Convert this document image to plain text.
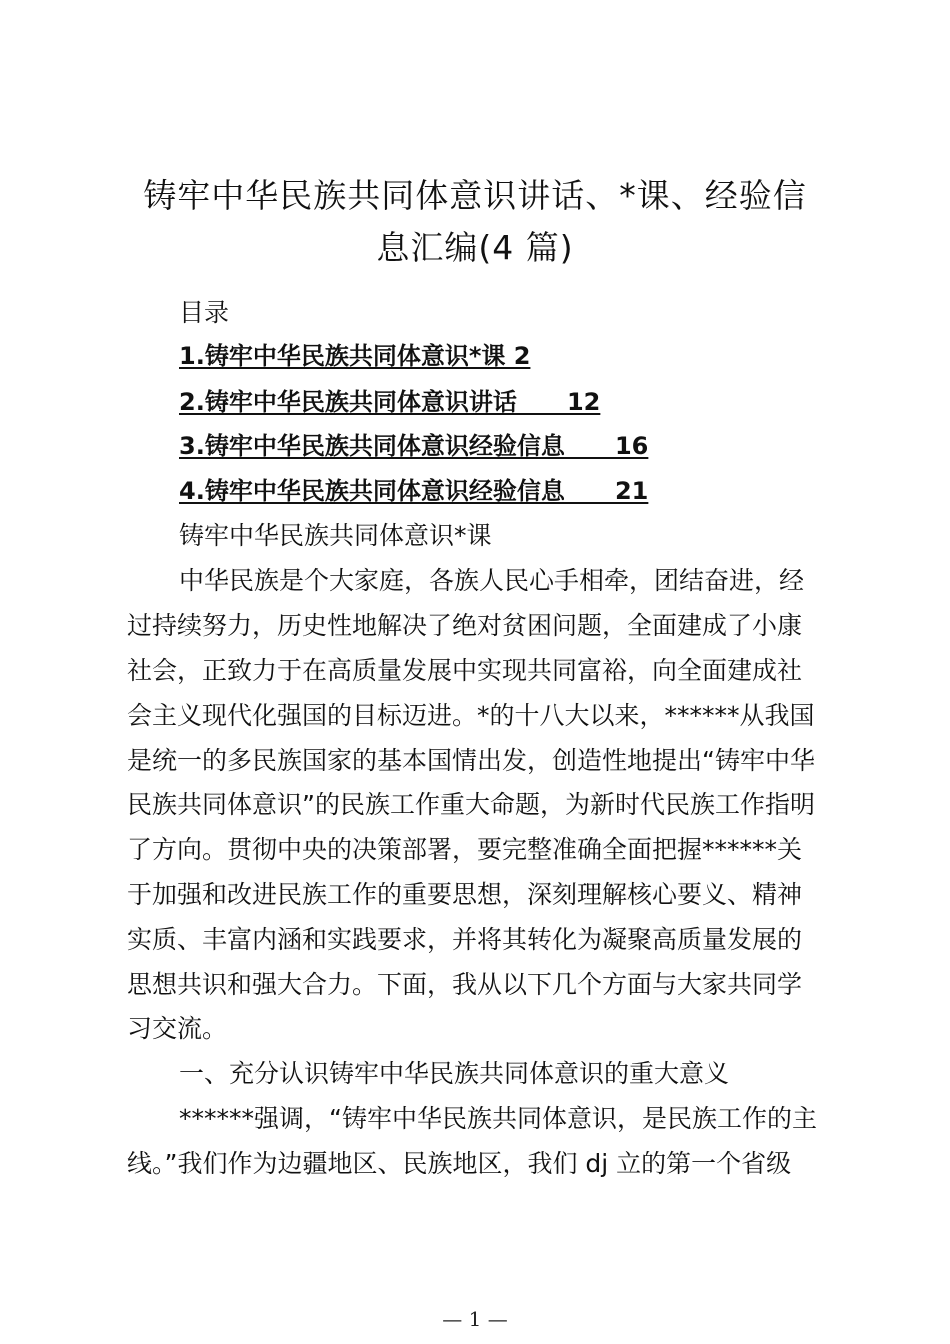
铸牢中华民族共同体意识讲话、*课、经验信
息汇编(4 篇)
目录
1.铸牢中华民族共同体意识*课 2
2.铸牢中华民族共同体意识讲话      12
3.铸牢中华民族共同体意识经验信息      16
4.铸牢中华民族共同体意识经验信息      21
铸牢中华民族共同体意识*课
中华民族是个大家庭，各族人民心手相牵，团结奋进，经
过持续努力，历史性地解决了绝对贫困问题，全面建成了小康
社会，正致力于在高质量发展中实现共同富裕，向全面建成社
会主义现代化强国的目标迈进。*的十八大以来，******从我国
是统一的多民族国家的基本国情出发，创造性地提出“铸牢中华
民族共同体意识”的民族工作重大命题，为新时代民族工作指明
了方向。贯彻中央的决策部署，要完整准确全面把握******关
于加强和改进民族工作的重要思想，深刻理解核心要义、精神
实质、丰富内涵和实践要求，并将其转化为凝聚高质量发展的
思想共识和强大合力。下面，我从以下几个方面与大家共同学
习交流。
一、充分认识铸牢中华民族共同体意识的重大意义
******强调，“铸牢中华民族共同体意识，是民族工作的主
线。”我们作为边疆地区、民族地区，我们 dj 立的第一个省级
— 1 —
